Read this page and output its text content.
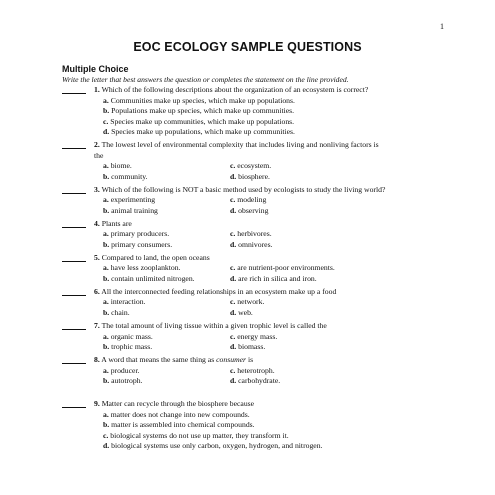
1
EOC ECOLOGY SAMPLE QUESTIONS
Multiple Choice
Write the letter that best answers the question or completes the statement on the line provided.
1. Which of the following descriptions about the organization of an ecosystem is correct?
a. Communities make up species, which make up populations.
b. Populations make up species, which make up communities.
c. Species make up communities, which make up populations.
d. Species make up populations, which make up communities.
2. The lowest level of environmental complexity that includes living and nonliving factors is
the
a. biome.	c. ecosystem.
b. community.	d. biosphere.
3. Which of the following is NOT a basic method used by ecologists to study the living world?
a. experimenting	c. modeling
b. animal training	d. observing
4. Plants are
a. primary producers.	c. herbivores.
b. primary consumers.	d. omnivores.
5. Compared to land, the open oceans
a. have less zooplankton.	c. are nutrient-poor environments.
b. contain unlimited nitrogen.	d. are rich in silica and iron.
6. All the interconnected feeding relationships in an ecosystem make up a food
a. interaction.	c. network.
b. chain.	d. web.
7. The total amount of living tissue within a given trophic level is called the
a. organic mass.	c. energy mass.
b. trophic mass.	d. biomass.
8. A word that means the same thing as consumer is
a. producer.	c. heterotroph.
b. autotroph.	d. carbohydrate.
9. Matter can recycle through the biosphere because
a. matter does not change into new compounds.
b. matter is assembled into chemical compounds.
c. biological systems do not use up matter, they transform it.
d. biological systems use only carbon, oxygen, hydrogen, and nitrogen.
